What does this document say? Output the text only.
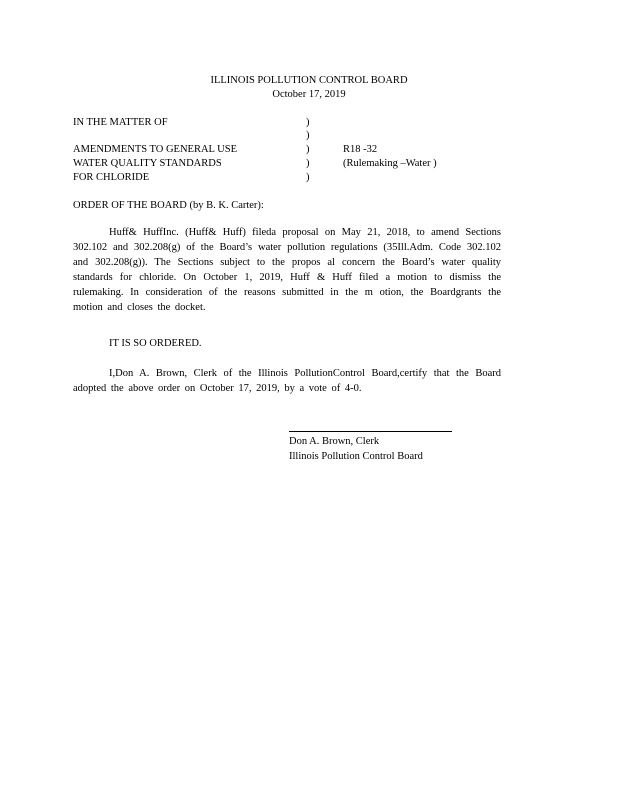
ILLINOIS POLLUTION CONTROL BOARD
October 17, 2019
IN THE MATTER OF	)
)
)
)
)
AMENDMENTS TO GENERAL USE
WATER QUALITY STANDARDS
FOR CHLORIDE
R18 -32
(Rulemaking –Water )
ORDER OF THE BOARD (by B. K. Carter):
Huff& HuffInc. (Huff& Huff) fileda proposal on May 21, 2018, to amend Sections 302.102 and 302.208(g) of the Board’s water pollution regulations (35Ill.Adm. Code 302.102 and 302.208(g)). The Sections subject to the propos al concern the Board’s water quality standards for chloride. On October 1, 2019, Huff & Huff filed a motion to dismiss the rulemaking. In consideration of the reasons submitted in the m otion, the Boardgrants the motion and closes the docket.
IT IS SO ORDERED.
I,Don A. Brown, Clerk of the Illinois PollutionControl Board,certify that the Board adopted the above order on October 17, 2019, by a vote of 4-0.
Don A. Brown, Clerk
Illinois Pollution Control Board
